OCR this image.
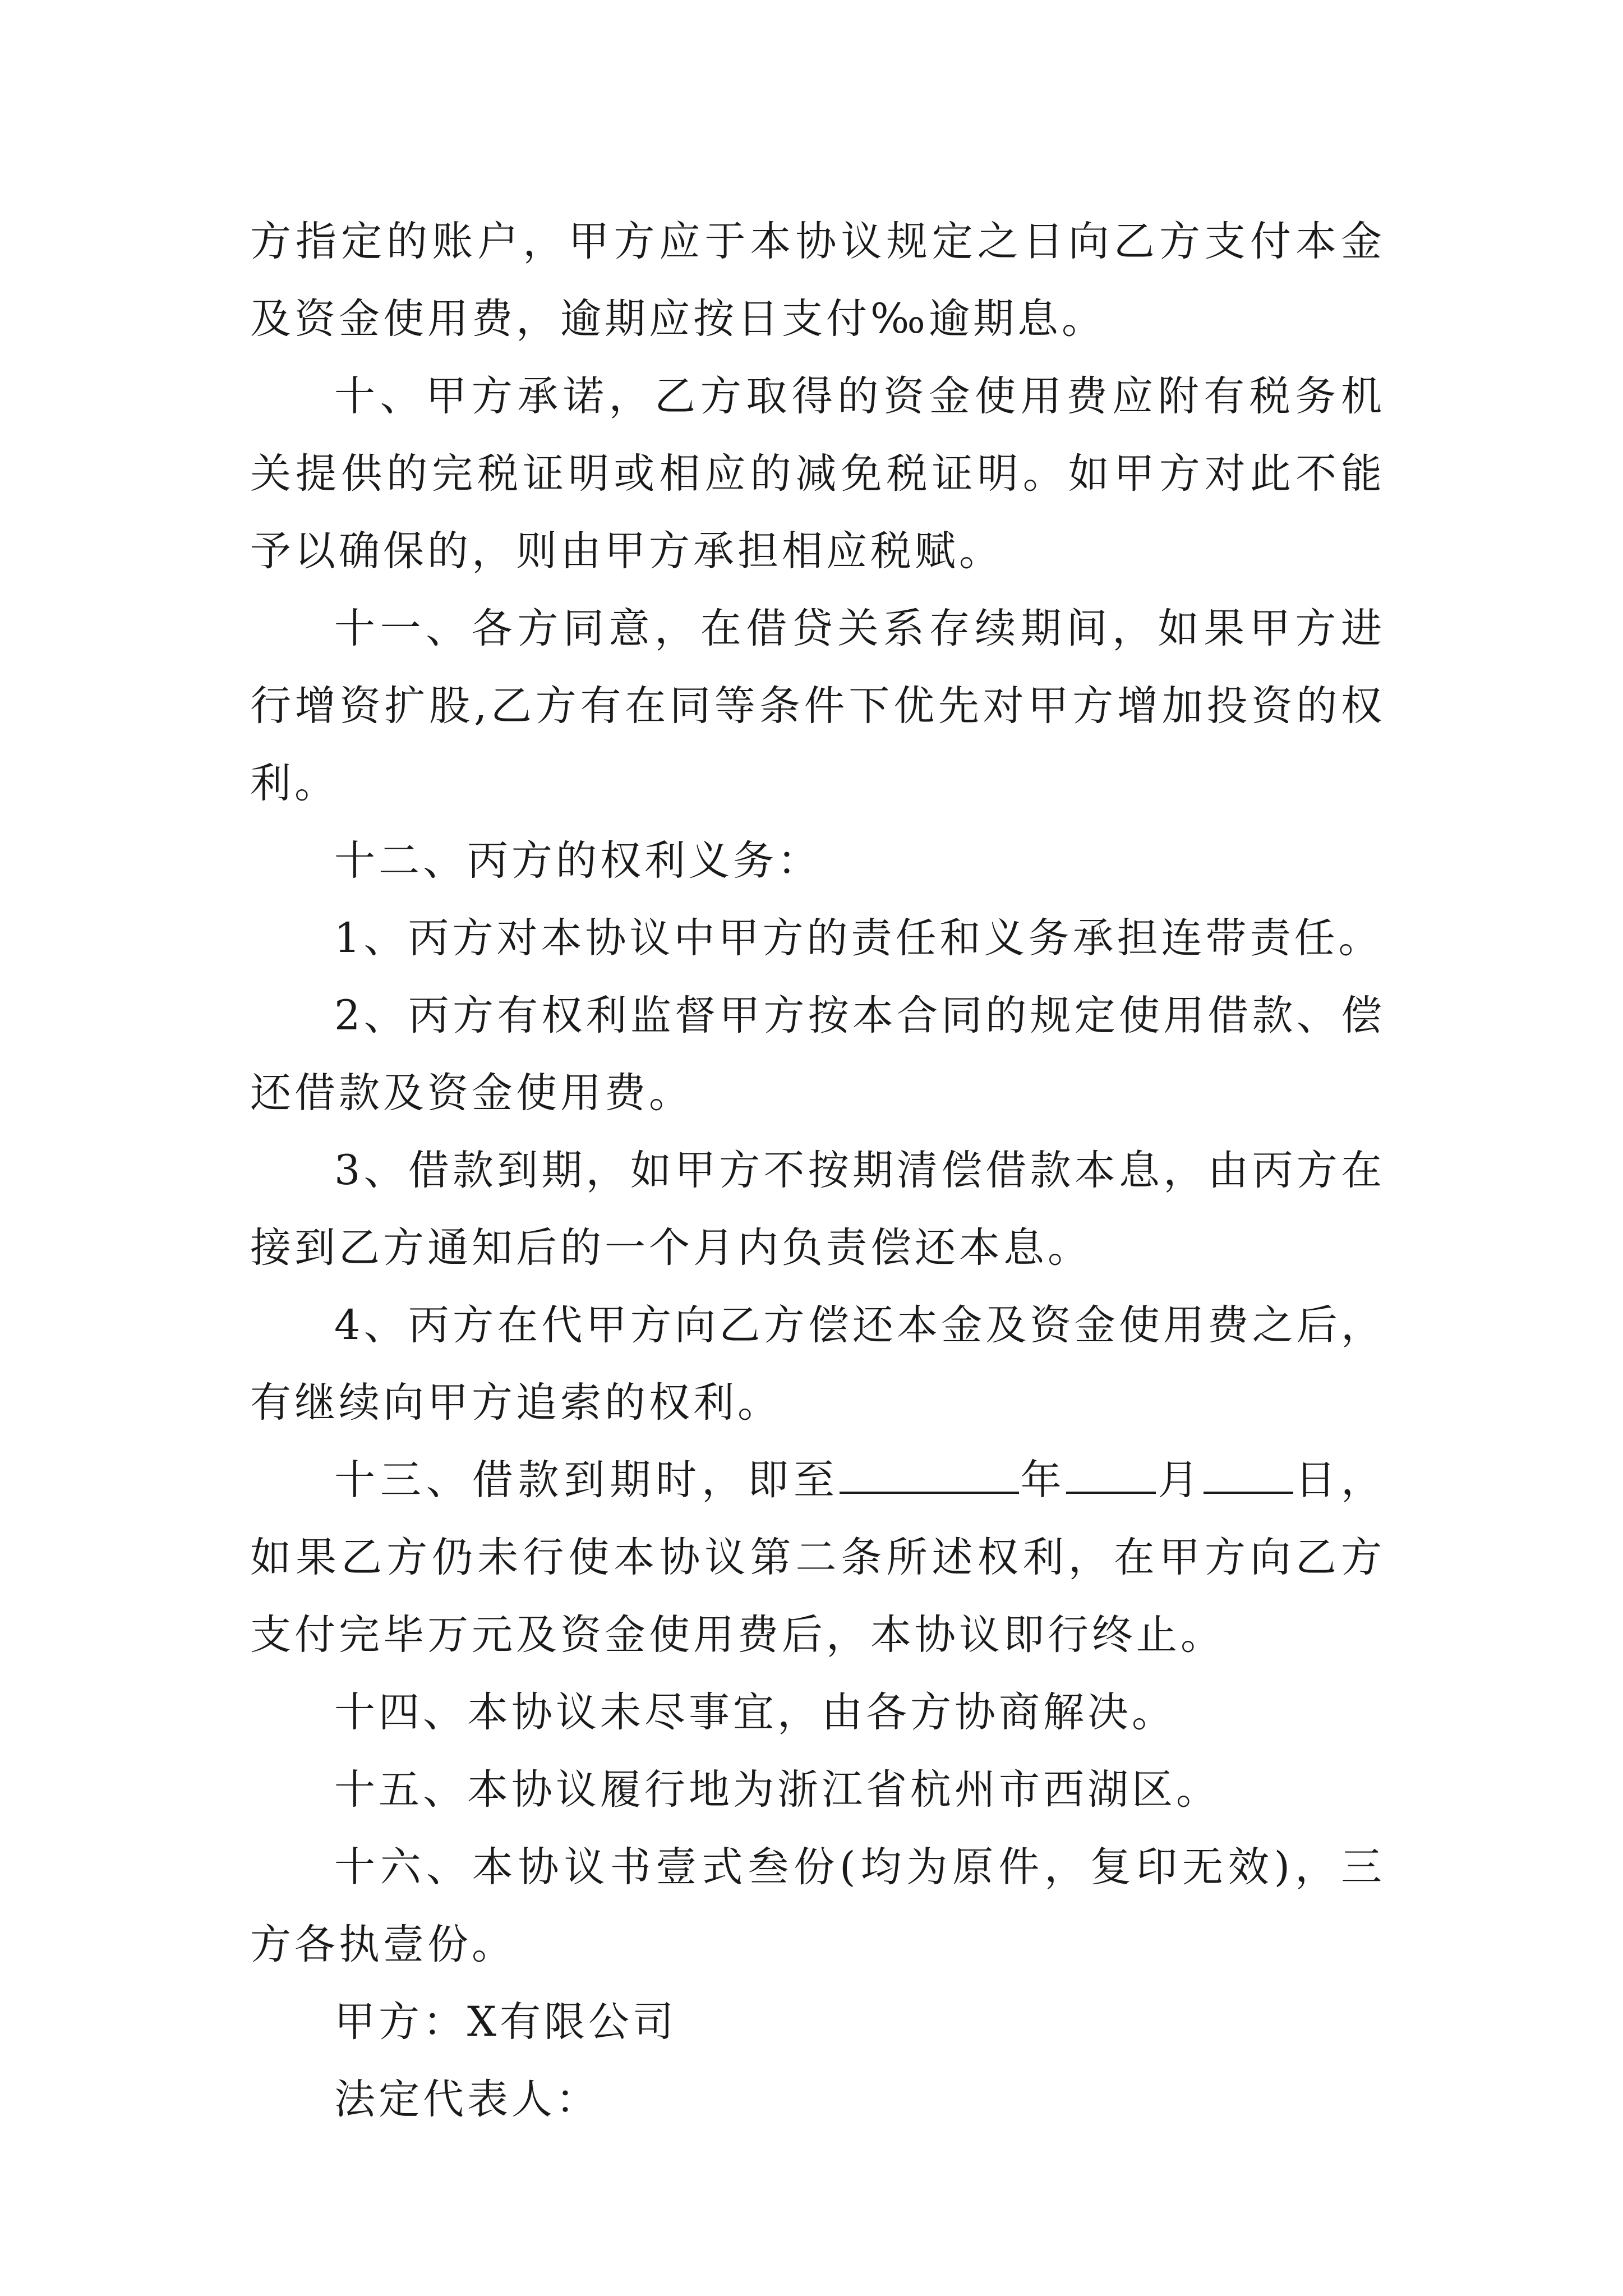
方指定的账户，甲方应于本协议规定之日向乙方支付本金及资金使用费，逾期应按日支付‰逾期息。

十、甲方承诺，乙方取得的资金使用费应附有税务机关提供的完税证明或相应的减免税证明。如甲方对此不能予以确保的，则由甲方承担相应税赋。

十一、各方同意，在借贷关系存续期间，如果甲方进行增资扩股,乙方有在同等条件下优先对甲方增加投资的权利。

十二、丙方的权利义务：

1、丙方对本协议中甲方的责任和义务承担连带责任。

2、丙方有权利监督甲方按本合同的规定使用借款、偿还借款及资金使用费。

3、借款到期，如甲方不按期清偿借款本息，由丙方在接到乙方通知后的一个月内负责偿还本息。

4、丙方在代甲方向乙方偿还本金及资金使用费之后，有继续向甲方追索的权利。

十三、借款到期时，即至	年 月 日，如果乙方仍未行使本协议第二条所述权利，在甲方向乙方支付完毕万元及资金使用费后，本协议即行终止。

十四、本协议未尽事宜，由各方协商解决。

十五、本协议履行地为浙江省杭州市西湖区。

十六、本协议书壹式叁份(均为原件，复印无效)，三方各执壹份。

甲方：X有限公司

法定代表人：
